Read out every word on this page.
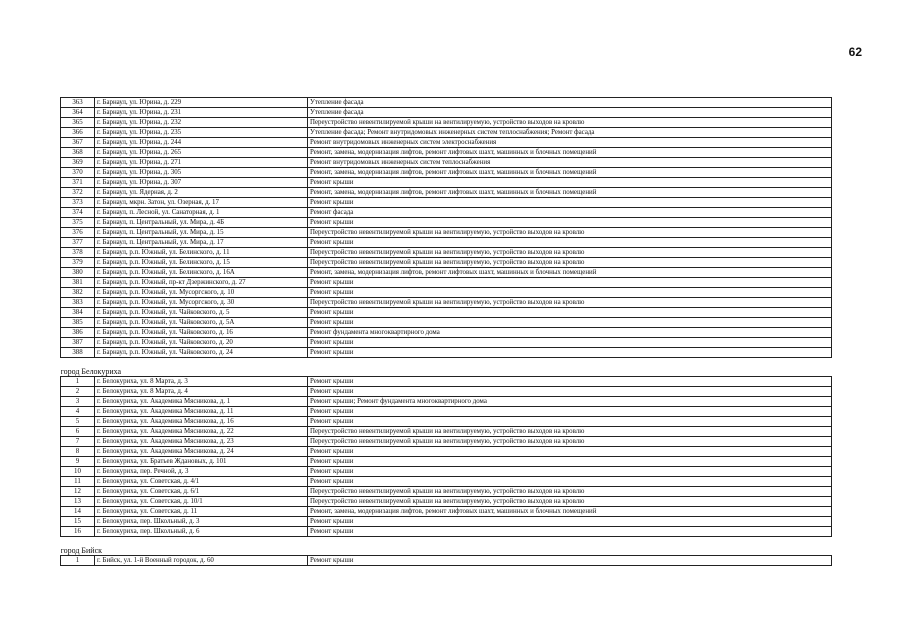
62
363	г. Барнаул, ул. Юрина, д. 229	Утепление фасада
364	г. Барнаул, ул. Юрина, д. 231	Утепление фасада
365	г. Барнаул, ул. Юрина, д. 232	Переустройство невентилируемой крыши на вентилируемую, устройство выходов на кровлю
366	г. Барнаул, ул. Юрина, д. 235	Утепление фасада; Ремонт внутридомовых инженерных систем теплоснабжения; Ремонт фасада
367	г. Барнаул, ул. Юрина, д. 244	Ремонт внутридомовых инженерных систем электроснабжения
368	г. Барнаул, ул. Юрина, д. 265	Ремонт, замена, модернизация лифтов, ремонт лифтовых шахт, машинных и блочных помещений
369	г. Барнаул, ул. Юрина, д. 271	Ремонт внутридомовых инженерных систем теплоснабжения
370	г. Барнаул, ул. Юрина, д. 305	Ремонт, замена, модернизация лифтов, ремонт лифтовых шахт, машинных и блочных помещений
371	г. Барнаул, ул. Юрина, д. 307	Ремонт крыши
372	г. Барнаул, ул. Ядерная, д. 2	Ремонт, замена, модернизация лифтов, ремонт лифтовых шахт, машинных и блочных помещений
373	г. Барнаул, мкрн. Затон, ул. Озерная, д. 17	Ремонт крыши
374	г. Барнаул, п. Лесной, ул. Санаторная, д. 1	Ремонт фасада
375	г. Барнаул, п. Центральный, ул. Мира, д. 4Б	Ремонт крыши
376	г. Барнаул, п. Центральный, ул. Мира, д. 15	Переустройство невентилируемой крыши на вентилируемую, устройство выходов на кровлю
377	г. Барнаул, п. Центральный, ул. Мира, д. 17	Ремонт крыши
378	г. Барнаул, р.п. Южный, ул. Белинского, д. 11	Переустройство невентилируемой крыши на вентилируемую, устройство выходов на кровлю
379	г. Барнаул, р.п. Южный, ул. Белинского, д. 15	Переустройство невентилируемой крыши на вентилируемую, устройство выходов на кровлю
380	г. Барнаул, р.п. Южный, ул. Белинского, д. 16А	Ремонт, замена, модернизация лифтов, ремонт лифтовых шахт, машинных и блочных помещений
381	г. Барнаул, р.п. Южный, пр-кт Дзержинского, д. 27	Ремонт крыши
382	г. Барнаул, р.п. Южный, ул. Мусоргского, д. 10	Ремонт крыши
383	г. Барнаул, р.п. Южный, ул. Мусоргского, д. 30	Переустройство невентилируемой крыши на вентилируемую, устройство выходов на кровлю
384	г. Барнаул, р.п. Южный, ул. Чайковского, д. 5	Ремонт крыши
385	г. Барнаул, р.п. Южный, ул. Чайковского, д. 5А	Ремонт крыши
386	г. Барнаул, р.п. Южный, ул. Чайковского, д. 16	Ремонт фундамента многоквартирного дома
387	г. Барнаул, р.п. Южный, ул. Чайковского, д. 20	Ремонт крыши
388	г. Барнаул, р.п. Южный, ул. Чайковского, д. 24	Ремонт крыши
город Белокуриха		
1	г. Белокуриха, ул. 8 Марта, д. 3	Ремонт крыши
2	г. Белокуриха, ул. 8 Марта, д. 4	Ремонт крыши
3	г. Белокуриха, ул. Академика Мясникова, д. 1	Ремонт крыши; Ремонт фундамента многоквартирного дома
4	г. Белокуриха, ул. Академика Мясникова, д. 11	Ремонт крыши
5	г. Белокуриха, ул. Академика Мясникова, д. 16	Ремонт крыши
6	г. Белокуриха, ул. Академика Мясникова, д. 22	Переустройство невентилируемой крыши на вентилируемую, устройство выходов на кровлю
7	г. Белокуриха, ул. Академика Мясникова, д. 23	Переустройство невентилируемой крыши на вентилируемую, устройство выходов на кровлю
8	г. Белокуриха, ул. Академика Мясникова, д. 24	Ремонт крыши
9	г. Белокуриха, ул. Братьев Ждановых, д. 101	Ремонт крыши
10	г. Белокуриха, пер. Речной, д. 3	Ремонт крыши
11	г. Белокуриха, ул. Советская, д. 4/1	Ремонт крыши
12	г. Белокуриха, ул. Советская, д. 6/1	Переустройство невентилируемой крыши на вентилируемую, устройство выходов на кровлю
13	г. Белокуриха, ул. Советская, д. 10/1	Переустройство невентилируемой крыши на вентилируемую, устройство выходов на кровлю
14	г. Белокуриха, ул. Советская, д. 11	Ремонт, замена, модернизация лифтов, ремонт лифтовых шахт, машинных и блочных помещений
15	г. Белокуриха, пер. Школьный, д. 3	Ремонт крыши
16	г. Белокуриха, пер. Школьный, д. 6	Ремонт крыши
город Бийск		
1	г. Бийск, ул. 1-й Военный городок, д. 60	Ремонт крыши
